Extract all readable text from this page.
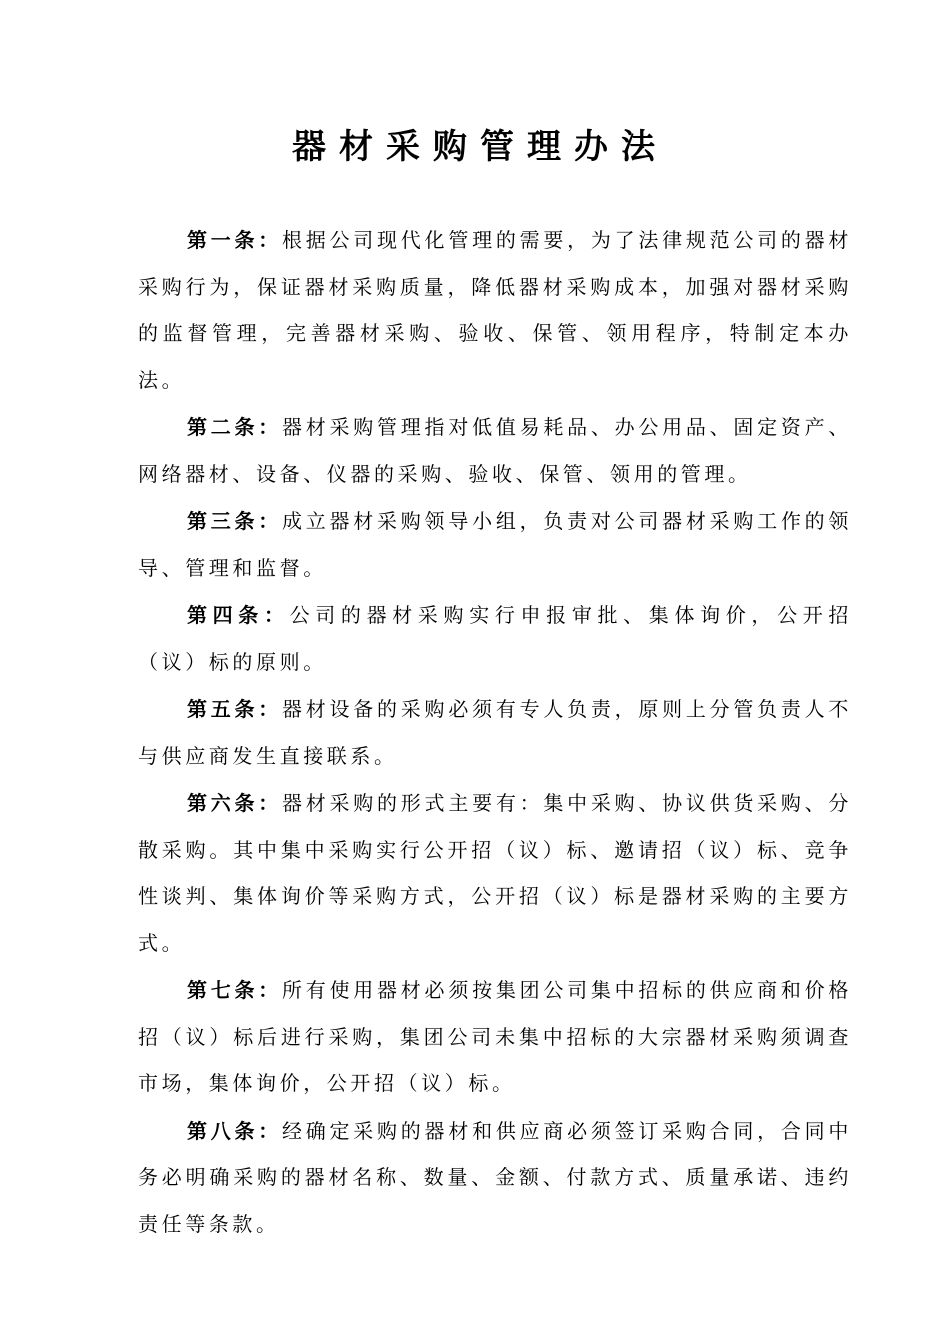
器材采购管理办法

第一条：根据公司现代化管理的需要，为了法律规范公司的器材采购行为，保证器材采购质量，降低器材采购成本，加强对器材采购的监督管理，完善器材采购、验收、保管、领用程序，特制定本办法。

第二条：器材采购管理指对低值易耗品、办公用品、固定资产、网络器材、设备、仪器的采购、验收、保管、领用的管理。

第三条：成立器材采购领导小组，负责对公司器材采购工作的领导、管理和监督。

第四条：公司的器材采购实行申报审批、集体询价，公开招（议）标的原则。

第五条：器材设备的采购必须有专人负责，原则上分管负责人不与供应商发生直接联系。

第六条：器材采购的形式主要有：集中采购、协议供货采购、分散采购。其中集中采购实行公开招（议）标、邀请招（议）标、竞争性谈判、集体询价等采购方式，公开招（议）标是器材采购的主要方式。

第七条：所有使用器材必须按集团公司集中招标的供应商和价格招（议）标后进行采购，集团公司未集中招标的大宗器材采购须调查市场，集体询价，公开招（议）标。

第八条：经确定采购的器材和供应商必须签订采购合同，合同中务必明确采购的器材名称、数量、金额、付款方式、质量承诺、违约责任等条款。
